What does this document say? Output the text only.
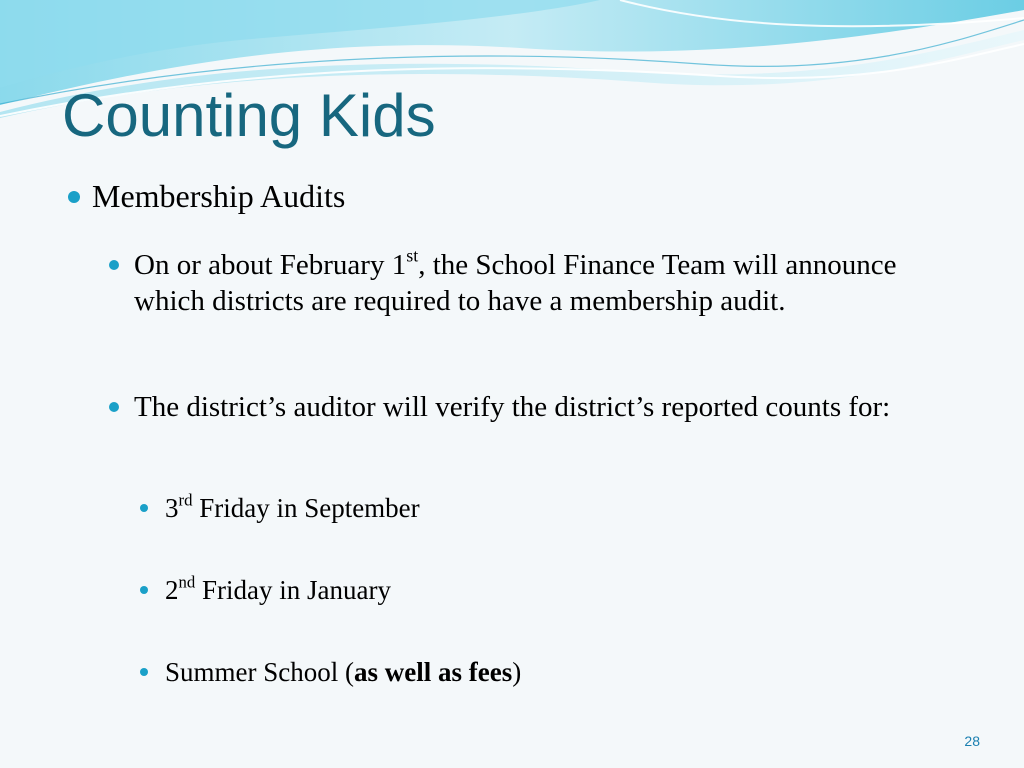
Counting Kids
Membership Audits
On or about February 1st, the School Finance Team will announce which districts are required to have a membership audit.
The district’s auditor will verify the district’s reported counts for:
3rd Friday in September
2nd Friday in January
Summer School (as well as fees)
28
